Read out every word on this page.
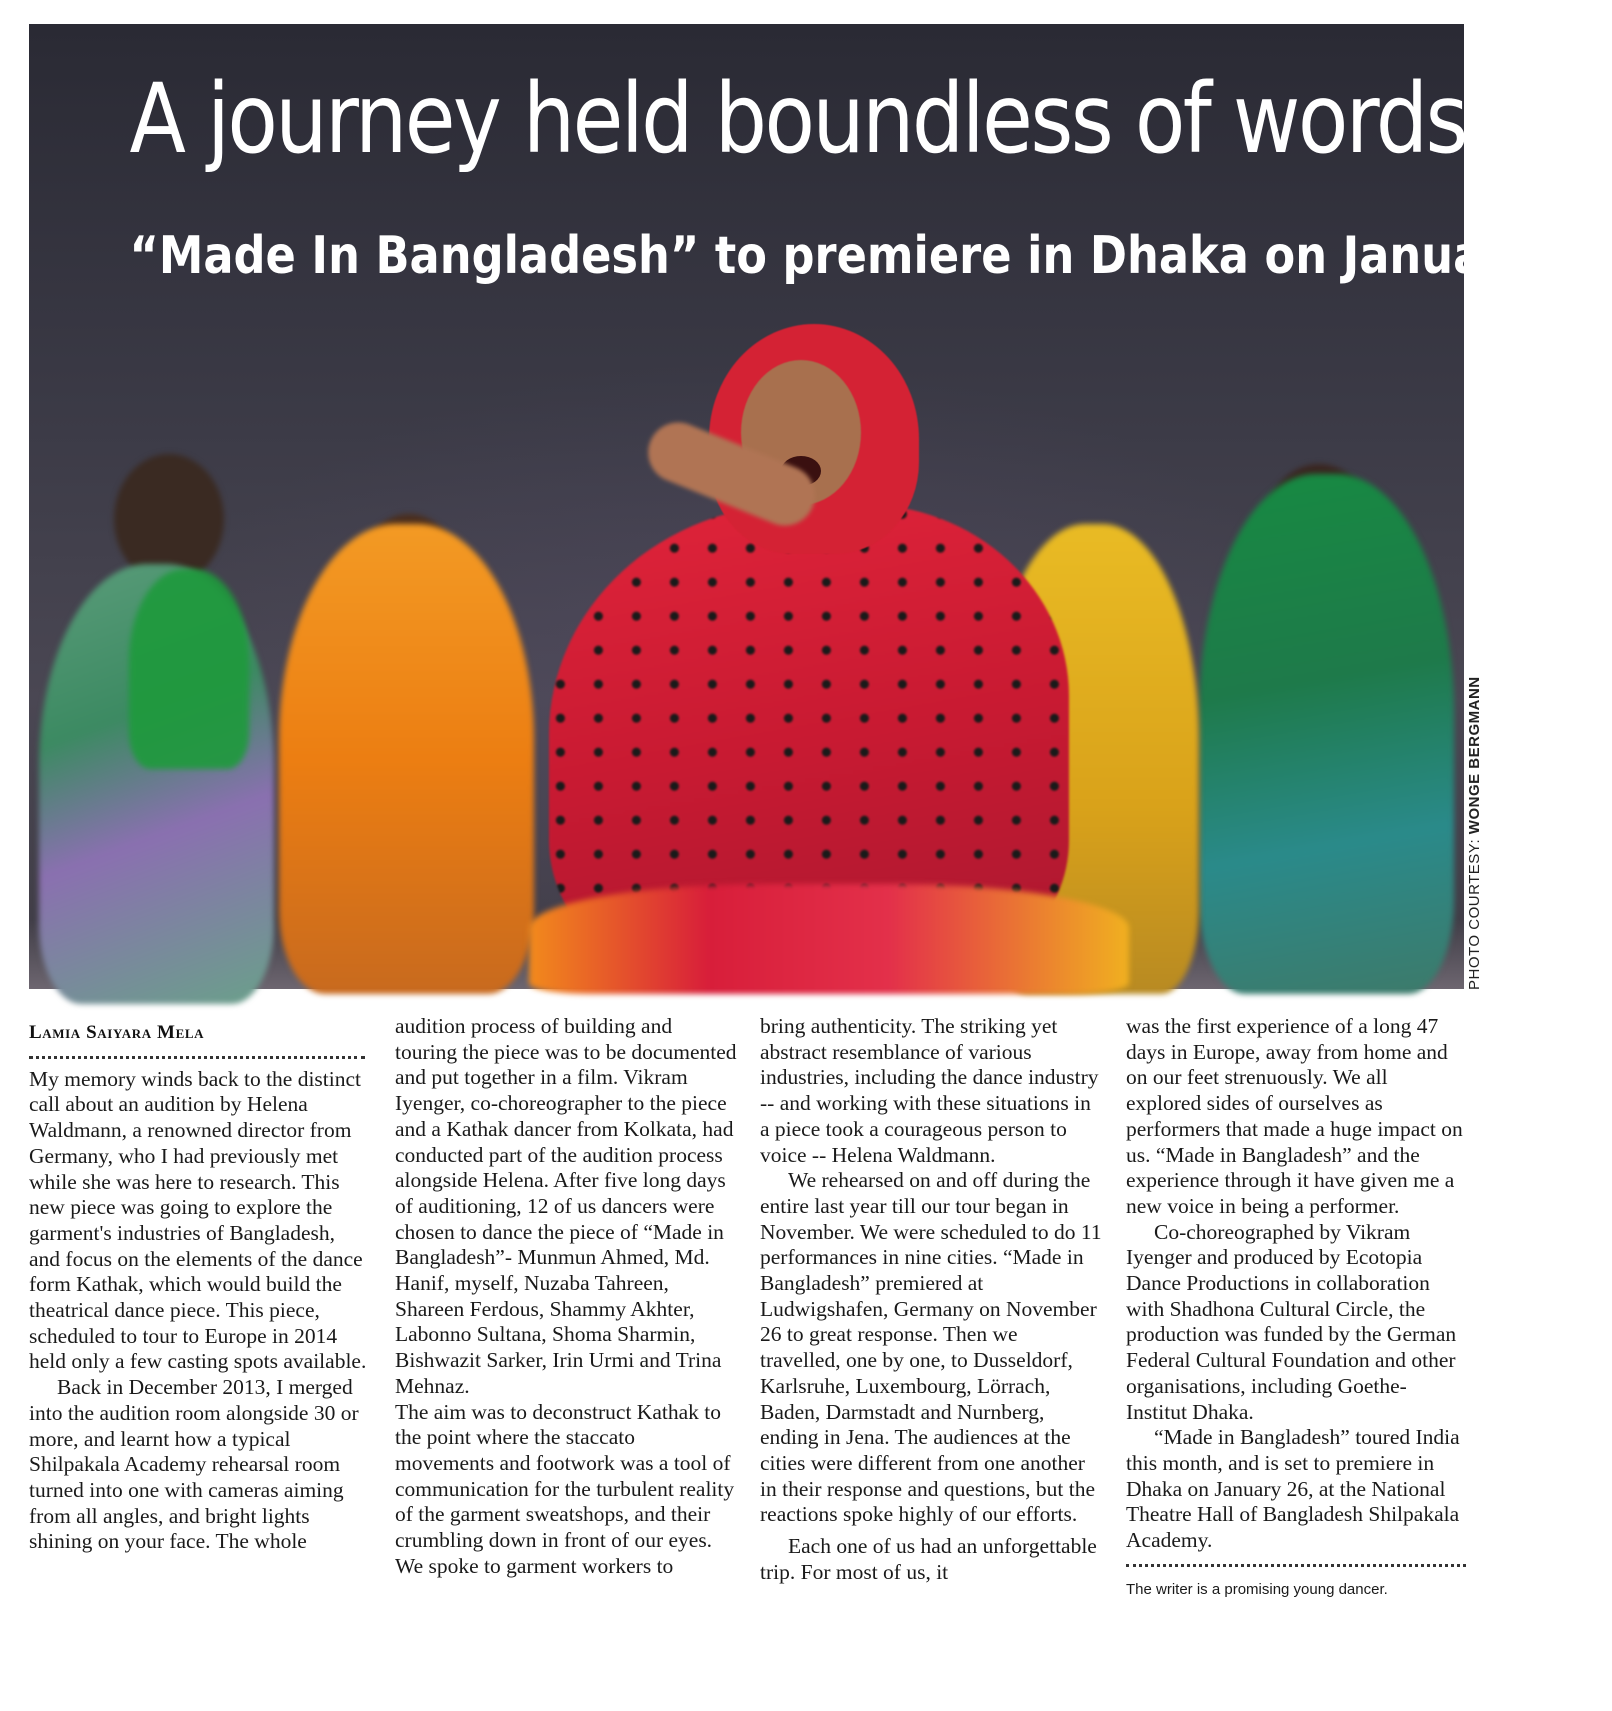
A journey held boundless of words
“Made In Bangladesh” to premiere in Dhaka on January 26
PHOTO COURTESY: WONGE BERGMANN

Lamia Saiyara Mela

My memory winds back to the distinct call about an audition by Helena Waldmann, a renowned director from Germany, who I had previously met while she was here to research. This new piece was going to explore the garment's industries of Bangladesh, and focus on the elements of the dance form Kathak, which would build the theatrical dance piece. This piece, scheduled to tour to Europe in 2014 held only a few casting spots available.

Back in December 2013, I merged into the audition room alongside 30 or more, and learnt how a typical Shilpakala Academy rehearsal room turned into one with cameras aiming from all angles, and bright lights shining on your face. The whole

audition process of building and touring the piece was to be documented and put together in a film. Vikram Iyenger, co-choreographer to the piece and a Kathak dancer from Kolkata, had conducted part of the audition process alongside Helena. After five long days of auditioning, 12 of us dancers were chosen to dance the piece of “Made in Bangladesh”- Munmun Ahmed, Md. Hanif, myself, Nuzaba Tahreen, Shareen Ferdous, Shammy Akhter, Labonno Sultana, Shoma Sharmin, Bishwazit Sarker, Irin Urmi and Trina Mehnaz.

The aim was to deconstruct Kathak to the point where the staccato movements and footwork was a tool of communication for the turbulent reality of the garment sweatshops, and their crumbling down in front of our eyes. We spoke to garment workers to

bring authenticity. The striking yet abstract resemblance of various industries, including the dance industry -- and working with these situations in a piece took a courageous person to voice -- Helena Waldmann.

We rehearsed on and off during the entire last year till our tour began in November. We were scheduled to do 11 performances in nine cities. “Made in Bangladesh” premiered at Ludwigshafen, Germany on November 26 to great response. Then we travelled, one by one, to Dusseldorf, Karlsruhe, Luxembourg, Lörrach, Baden, Darmstadt and Nurnberg, ending in Jena. The audiences at the cities were different from one another in their response and questions, but the reactions spoke highly of our efforts.

Each one of us had an unforgettable trip. For most of us, it

was the first experience of a long 47 days in Europe, away from home and on our feet strenuously. We all explored sides of ourselves as performers that made a huge impact on us. “Made in Bangladesh” and the experience through it have given me a new voice in being a performer.

Co-choreographed by Vikram Iyenger and produced by Ecotopia Dance Productions in collaboration with Shadhona Cultural Circle, the production was funded by the German Federal Cultural Foundation and other organisations, including Goethe-Institut Dhaka.

“Made in Bangladesh” toured India this month, and is set to premiere in Dhaka on January 26, at the National Theatre Hall of Bangladesh Shilpakala Academy.

The writer is a promising young dancer.
